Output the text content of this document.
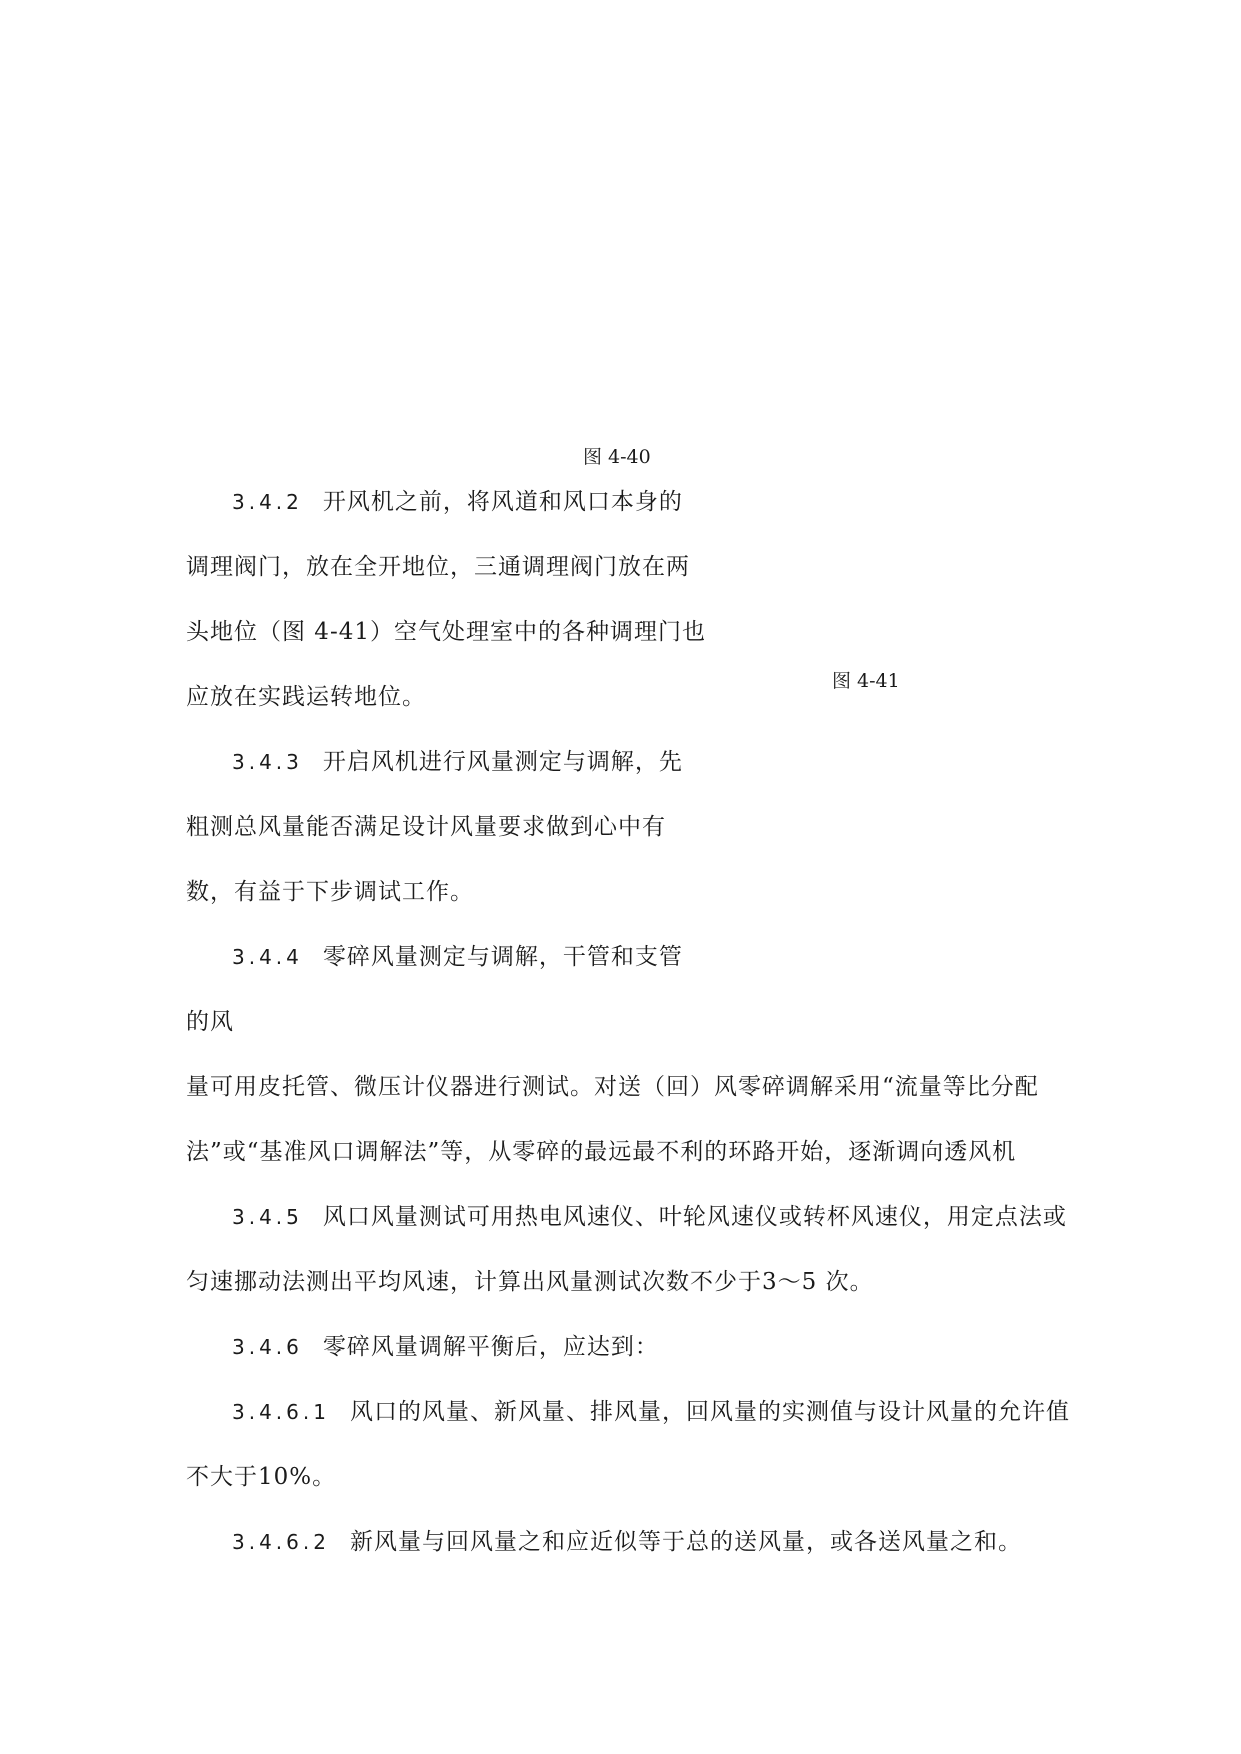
图 4-40
3.4.2 开风机之前，将风道和风口本身的
调理阀门，放在全开地位，三通调理阀门放在两
头地位（图 4-41）空气处理室中的各种调理门也
应放在实践运转地位。
图 4-41
3.4.3 开启风机进行风量测定与调解，先
粗测总风量能否满足设计风量要求做到心中有
数，有益于下步调试工作。
3.4.4 零碎风量测定与调解，干管和支管
的风
量可用皮托管、微压计仪器进行测试。对送（回）风零碎调解采用“流量等比分配
法”或“基准风口调解法”等，从零碎的最远最不利的环路开始，逐渐调向透风机
3.4.5 风口风量测试可用热电风速仪、叶轮风速仪或转杯风速仪，用定点法或
匀速挪动法测出平均风速，计算出风量测试次数不少于3～5 次。
3.4.6 零碎风量调解平衡后，应达到：
3.4.6.1 风口的风量、新风量、排风量，回风量的实测值与设计风量的允许值
不大于10%。
3.4.6.2 新风量与回风量之和应近似等于总的送风量，或各送风量之和。
